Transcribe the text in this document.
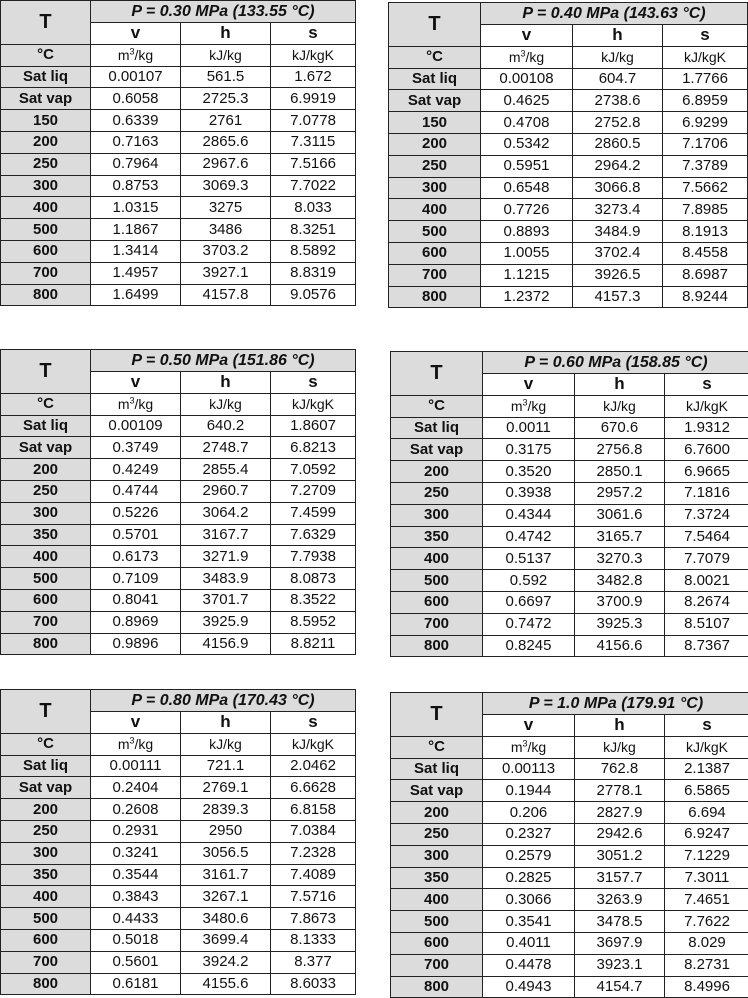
T	P = 0.30 MPa (133.55 °C)		
	v	h	s
°C	$m^3/kg$	kJ/kg	kJ/kgK
Sat liq	0.00107	561.5	1.672
Sat vap	0.6058	2725.3	6.9919
150	0.6339	2761	7.0778
200	0.7163	2865.6	7.3115
250	0.7964	2967.6	7.5166
300	0.8753	3069.3	7.7022
400	1.0315	3275	8.033
500	1.1867	3486	8.3251
600	1.3414	3703.2	8.5892
700	1.4957	3927.1	8.8319
800	1.6499	4157.8	9.0576
T	P = 0.40 MPa (143.63 °C)		
	v	h	s
°C	$m^3/kg$	kJ/kg	kJ/kgK
Sat liq	0.00108	604.7	1.7766
Sat vap	0.4625	2738.6	6.8959
150	0.4708	2752.8	6.9299
200	0.5342	2860.5	7.1706
250	0.5951	2964.2	7.3789
300	0.6548	3066.8	7.5662
400	0.7726	3273.4	7.8985
500	0.8893	3484.9	8.1913
600	1.0055	3702.4	8.4558
700	1.1215	3926.5	8.6987
800	1.2372	4157.3	8.9244
T	P = 0.50 MPa (151.86 °C)		
	v	h	s
°C	$m^3/kg$	kJ/kg	kJ/kgK
Sat liq	0.00109	640.2	1.8607
Sat vap	0.3749	2748.7	6.8213
200	0.4249	2855.4	7.0592
250	0.4744	2960.7	7.2709
300	0.5226	3064.2	7.4599
350	0.5701	3167.7	7.6329
400	0.6173	3271.9	7.7938
500	0.7109	3483.9	8.0873
600	0.8041	3701.7	8.3522
700	0.8969	3925.9	8.5952
800	0.9896	4156.9	8.8211
T	P = 0.60 MPa (158.85 °C)		
	v	h	s
°C	$m^3/kg$	kJ/kg	kJ/kgK
Sat liq	0.0011	670.6	1.9312
Sat vap	0.3175	2756.8	6.7600
200	0.3520	2850.1	6.9665
250	0.3938	2957.2	7.1816
300	0.4344	3061.6	7.3724
350	0.4742	3165.7	7.5464
400	0.5137	3270.3	7.7079
500	0.592	3482.8	8.0021
600	0.6697	3700.9	8.2674
700	0.7472	3925.3	8.5107
800	0.8245	4156.6	8.7367
T	P = 0.80 MPa (170.43 °C)		
	v	h	s
°C	$m^3/kg$	kJ/kg	kJ/kgK
Sat liq	0.00111	721.1	2.0462
Sat vap	0.2404	2769.1	6.6628
200	0.2608	2839.3	6.8158
250	0.2931	2950	7.0384
300	0.3241	3056.5	7.2328
350	0.3544	3161.7	7.4089
400	0.3843	3267.1	7.5716
500	0.4433	3480.6	7.8673
600	0.5018	3699.4	8.1333
700	0.5601	3924.2	8.377
800	0.6181	4155.6	8.6033
T	P = 1.0 MPa (179.91 °C)		
	v	h	s
°C	$m^3/kg$	kJ/kg	kJ/kgK
Sat liq	0.00113	762.8	2.1387
Sat vap	0.1944	2778.1	6.5865
200	0.206	2827.9	6.694
250	0.2327	2942.6	6.9247
300	0.2579	3051.2	7.1229
350	0.2825	3157.7	7.3011
400	0.3066	3263.9	7.4651
500	0.3541	3478.5	7.7622
600	0.4011	3697.9	8.029
700	0.4478	3923.1	8.2731
800	0.4943	4154.7	8.4996
